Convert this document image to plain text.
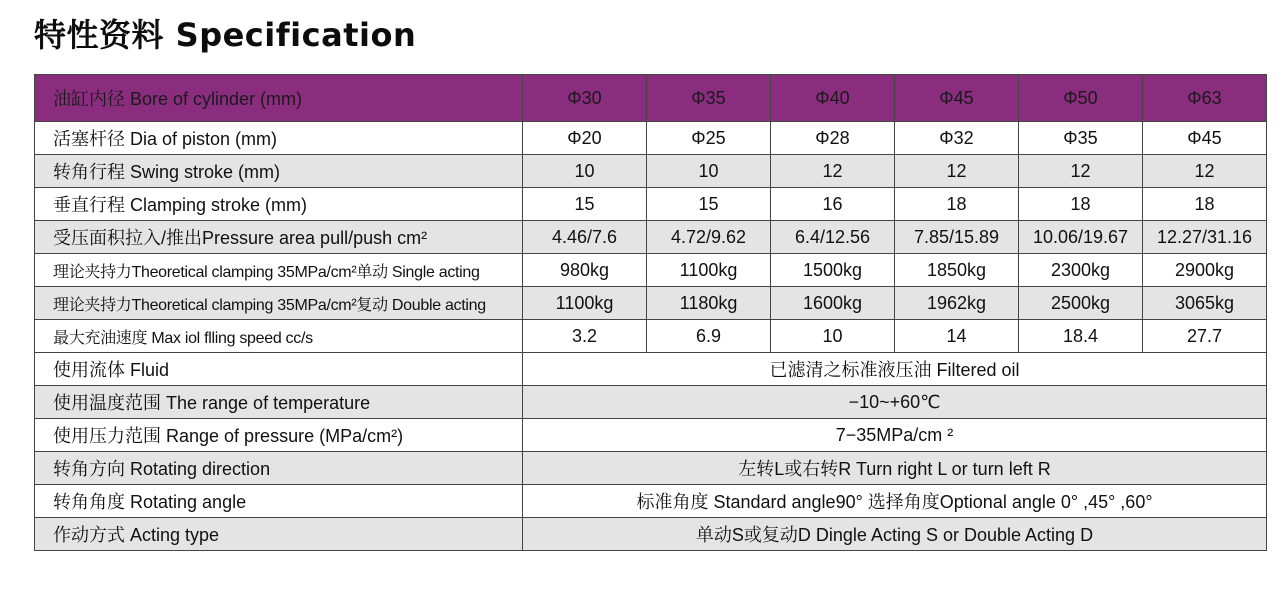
特性资料 Specification
油缸内径 Bore of cylinder (mm)	Φ30	Φ35	Φ40	Φ45	Φ50	Φ63
活塞杆径 Dia of piston (mm)	Φ20	Φ25	Φ28	Φ32	Φ35	Φ45
转角行程 Swing stroke (mm)	10	10	12	12	12	12
垂直行程 Clamping stroke (mm)	15	15	16	18	18	18
受压面积拉入/推出Pressure area pull/push cm²	4.46/7.6	4.72/9.62	6.4/12.56	7.85/15.89	10.06/19.67	12.27/31.16
理论夹持力Theoretical clamping 35MPa/cm²单动 Single acting	980kg	1100kg	1500kg	1850kg	2300kg	2900kg
理论夹持力Theoretical clamping 35MPa/cm²复动 Double acting	1100kg	1180kg	1600kg	1962kg	2500kg	3065kg
最大充油速度 Max iol flling speed cc/s	3.2	6.9	10	14	18.4	27.7
使用流体 Fluid	已滤清之标准液压油 Filtered oil					
使用温度范围 The range of temperature	−10~+60℃					
使用压力范围 Range of pressure (MPa/cm²)	7−35MPa/cm ²					
转角方向 Rotating direction	左转L或右转R Turn right L or turn left R					
转角角度 Rotating angle	标准角度 Standard angle90° 选择角度Optional angle 0° ,45° ,60°					
作动方式 Acting type	单动S或复动D Dingle Acting S or Double Acting D					
